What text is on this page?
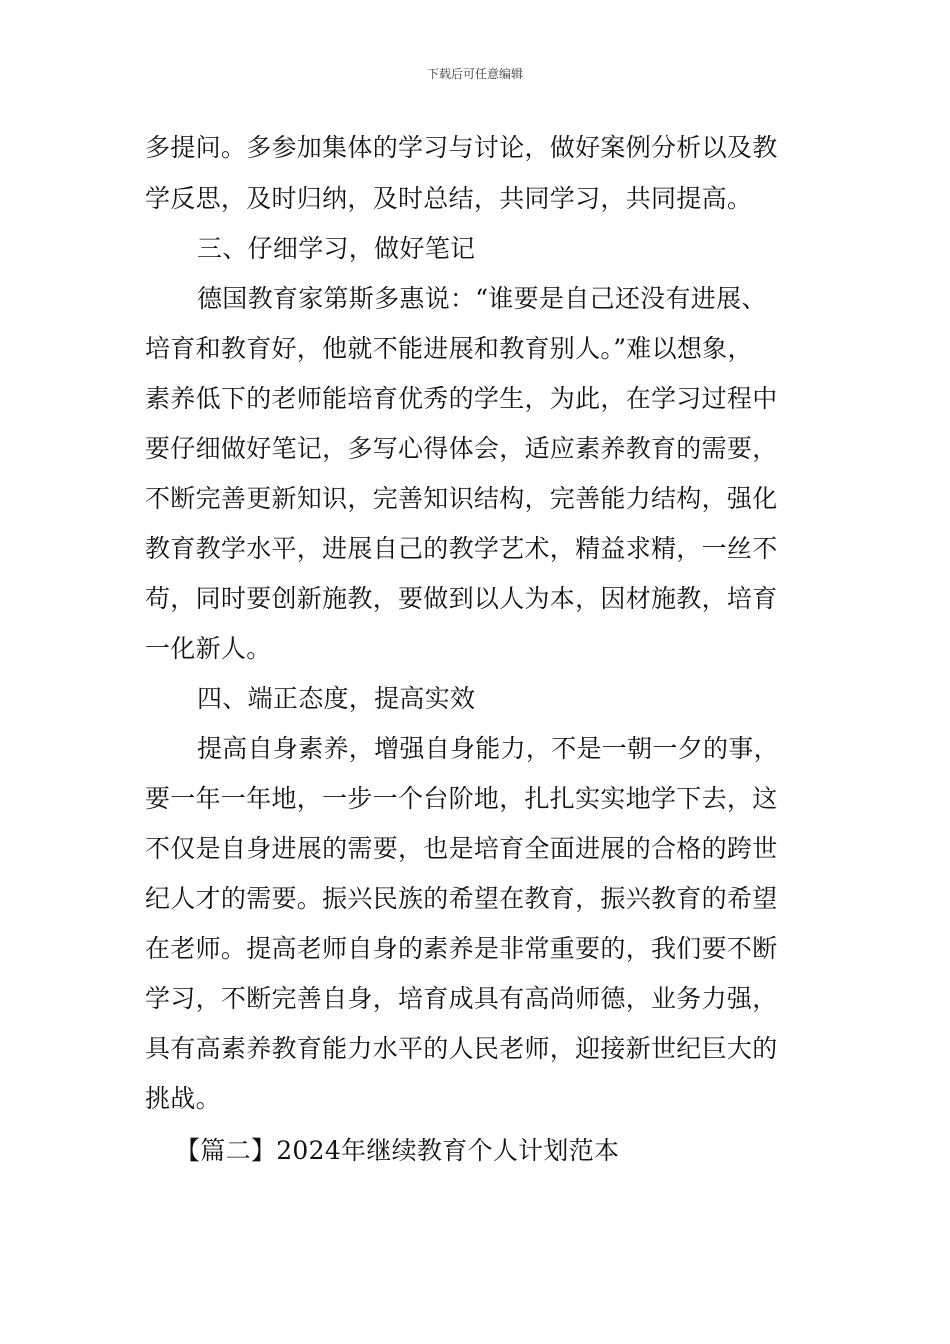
下载后可任意编辑
多提问。多参加集体的学习与讨论，做好案例分析以及教
学反思，及时归纳，及时总结，共同学习，共同提高。
三、仔细学习，做好笔记
德国教育家第斯多惠说：“谁要是自己还没有进展、
培育和教育好，他就不能进展和教育别人。”难以想象，
素养低下的老师能培育优秀的学生，为此，在学习过程中
要仔细做好笔记，多写心得体会，适应素养教育的需要，
不断完善更新知识，完善知识结构，完善能力结构，强化
教育教学水平，进展自己的教学艺术，精益求精，一丝不
苟，同时要创新施教，要做到以人为本，因材施教，培育
一化新人。
四、端正态度，提高实效
提高自身素养，增强自身能力，不是一朝一夕的事，
要一年一年地，一步一个台阶地，扎扎实实地学下去，这
不仅是自身进展的需要，也是培育全面进展的合格的跨世
纪人才的需要。振兴民族的希望在教育，振兴教育的希望
在老师。提高老师自身的素养是非常重要的，我们要不断
学习，不断完善自身，培育成具有高尚师德，业务力强，
具有高素养教育能力水平的人民老师，迎接新世纪巨大的
挑战。
【篇二】2024年继续教育个人计划范本
